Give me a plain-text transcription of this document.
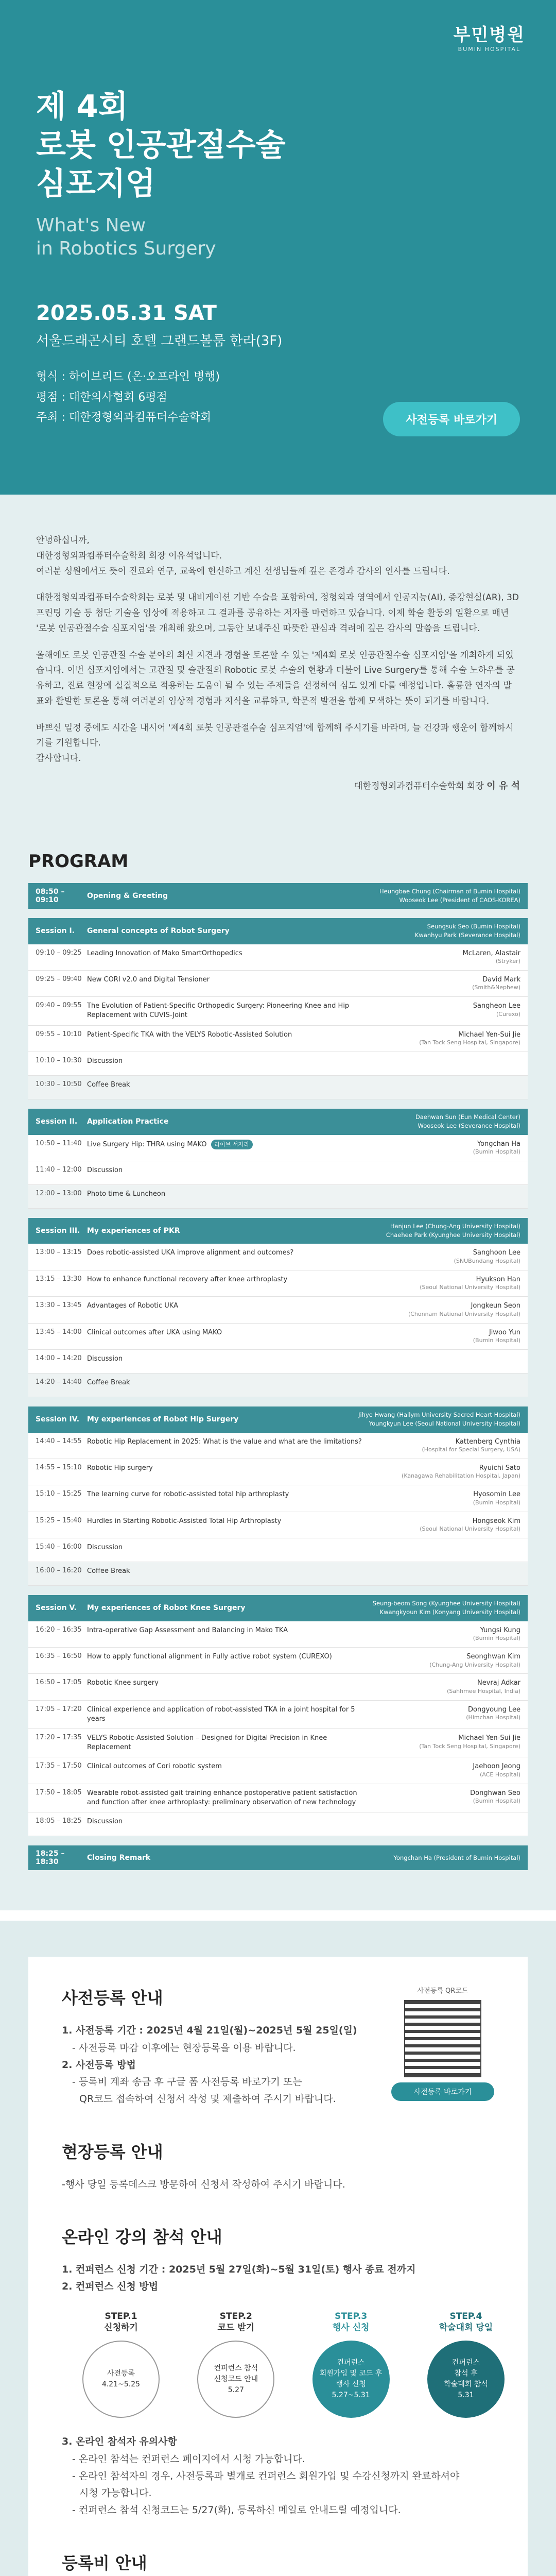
부민병원
BUMIN HOSPITAL
제 4회
로봇 인공관절수술
심포지엄
What's New
in Robotics Surgery
2025.05.31 SAT
서울드래곤시티 호텔 그랜드볼룸 한라(3F)
형식 : 하이브리드 (온·오프라인 병행)
평점 : 대한의사협회 6평점
주최 : 대한정형외과컴퓨터수술학회	사전등록 바로가기

안녕하십니까,
대한정형외과컴퓨터수술학회 회장 이유석입니다.
여러분 성원에서도 뜻이 진료와 연구, 교육에 헌신하고 계신 선생님들께 깊은 존경과 감사의 인사를 드립니다.

대한정형외과컴퓨터수술학회는 로봇 및 내비게이션 기반 수술을 포함하여, 정형외과 영역에서 인공지능(AI), 증강현실(AR), 3D 프린팅 기술 등 첨단 기술을 임상에 적용하고 그 결과를 공유하는 저자를 마련하고 있습니다. 이제 학술 활동의 일환으로 매년 '로봇 인공관절수술 심포지엄'을 개최해 왔으며, 그동안 보내주신 따뜻한 관심과 격려에 깊은 감사의 말씀을 드립니다.

올해에도 로봇 인공관절 수술 분야의 최신 지견과 경험을 토론할 수 있는 '제4회 로봇 인공관절수술 심포지엄'을 개최하게 되었습니다. 이번 심포지엄에서는 고관절 및 슬관절의 Robotic 로봇 수술의 현황과 더불어 Live Surgery를 통해 수술 노하우를 공유하고, 진료 현장에 실질적으로 적용하는 도움이 될 수 있는 주제들을 선정하여 심도 있게 다룰 예정입니다. 훌륭한 연자의 발표와 활발한 토론을 통해 여러분의 임상적 경험과 지식을 교류하고, 학문적 발전을 함께 모색하는 뜻이 되기를 바랍니다.

바쁘신 일정 중에도 시간을 내시어 '제4회 로봇 인공관절수술 심포지엄'에 함께해 주시기를 바라며, 늘 건강과 행운이 함께하시기를 기원합니다.
감사합니다.

대한정형외과컴퓨터수술학회 회장 이 유 석
PROGRAM
08:50 – 09:10	Opening & Greeting
Heungbae Chung (Chairman of Bumin Hospital)
Wooseok Lee (President of CAOS-KOREA)
Session I.	General concepts of Robot Surgery
Seungsuk Seo (Bumin Hospital)
Kwanhyu Park (Severance Hospital)
09:10 – 09:25 Leading Innovation of Mako SmartOrthopedics	McLaren, Alastair
(Stryker)
09:25 – 09:40 New CORI v2.0 and Digital Tensioner	David Mark
(Smith&Nephew)
09:40 – 09:55 The Evolution of Patient-Specific Orthopedic Surgery: Pioneering Knee and Hip Replacement with CUVIS-Joint
Sangheon Lee
(Curexo)
09:55 – 10:10 Patient-Specific TKA with the VELYS Robotic-Assisted Solution	Michael Yen-Sui Jie
(Tan Tock Seng Hospital, Singapore)
10:10 – 10:30 Discussion
10:30 – 10:50 Coffee Break
Session II.	Application Practice
Daehwan Sun (Eun Medical Center)
Wooseok Lee (Severance Hospital)
10:50 – 11:40 Live Surgery Hip: THRA using MAKO 라이브 서저리	Yongchan Ha
(Bumin Hospital)
11:40 – 12:00 Discussion
12:00 – 13:00 Photo time & Luncheon
Session III. My experiences of PKR
Hanjun Lee (Chung-Ang University Hospital)
Chaehee Park (Kyunghee University Hospital)
13:00 – 13:15 Does robotic-assisted UKA improve alignment and outcomes?	Sanghoon Lee
(SNUBundang Hospital)
13:15 – 13:30 How to enhance functional recovery after knee arthroplasty	Hyukson Han
(Seoul National University Hospital)
13:30 – 13:45 Advantages of Robotic UKA	Jongkeun Seon
(Chonnam National University Hospital)
13:45 – 14:00 Clinical outcomes after UKA using MAKO	Jiwoo Yun
(Bumin Hospital)
14:00 – 14:20 Discussion
14:20 – 14:40 Coffee Break
Session IV.	My experiences of Robot Hip Surgery
Jihye Hwang (Hallym University Sacred Heart Hospital)
Youngkyun Lee (Seoul National University Hospital)
14:40 – 14:55 Robotic Hip Replacement in 2025: What is the value and what are the limitations?	Kattenberg Cynthia
(Hospital for Special Surgery, USA)
14:55 – 15:10 Robotic Hip surgery	Ryuichi Sato
(Kanagawa Rehabilitation Hospital, Japan)
15:10 – 15:25 The learning curve for robotic-assisted total hip arthroplasty	Hyosomin Lee
(Bumin Hospital)
15:25 – 15:40 Hurdles in Starting Robotic-Assisted Total Hip Arthroplasty	Hongseok Kim
(Seoul National University Hospital)
15:40 – 16:00 Discussion
16:00 – 16:20 Coffee Break
Session V.	My experiences of Robot Knee Surgery
Seung-beom Song (Kyunghee University Hospital)
Kwangkyoun Kim (Konyang University Hospital)
16:20 – 16:35 Intra-operative Gap Assessment and Balancing in Mako TKA	Yungsi Kung
(Bumin Hospital)
16:35 – 16:50 How to apply functional alignment in Fully active robot system (CUREXO)	Seonghwan Kim
(Chung-Ang University Hospital)
16:50 – 17:05 Robotic Knee surgery	Nevraj Adkar
(Sahhmee Hospital, India)
17:05 – 17:20 Clinical experience and application of robot-assisted TKA in a joint hospital for 5 years
Dongyoung Lee
(Himchan Hospital)
17:20 – 17:35 VELYS Robotic-Assisted Solution – Designed for Digital Precision in Knee Replacement
Michael Yen-Sui Jie
(Tan Tock Seng Hospital, Singapore)
17:35 – 17:50 Clinical outcomes of Cori robotic system	Jaehoon Jeong
(ACE Hospital)
17:50 – 18:05 Wearable robot-assisted gait training enhance postoperative patient satisfaction and function after knee arthroplasty: preliminary observation of new technology
Donghwan Seo
(Bumin Hospital)
18:05 – 18:25 Discussion
18:25 – 18:30	Closing Remark	Yongchan Ha (President of Bumin Hospital)
사전등록 QR코드
사전등록 바로가기
사전등록 안내

1. 사전등록 기간 : 2025년 4월 21일(월)~2025년 5월 25일(일)

- 사전등록 마감 이후에는 현장등록을 이용 바랍니다.

2. 사전등록 방법

- 등록비 계좌 송금 후 구글 폼 사전등록 바로가기 또는

QR코드 접속하여 신청서 작성 및 제출하여 주시기 바랍니다.

현장등록 안내

-행사 당일 등록데스크 방문하여 신청서 작성하여 주시기 바랍니다.

온라인 강의 참석 안내

1. 컨퍼런스 신청 기간 : 2025년 5월 27일(화)~5월 31일(토) 행사 종료 전까지

2. 컨퍼런스 신청 방법

STEP.1
신청하기
사전등록
4.21~5.25
STEP.2
코드 받기
컨퍼런스 참석
신청코드 안내
5.27
STEP.3
행사 신청
컨퍼런스
회원가입 및 코드 후
행사 신청
5.27~5.31
STEP.4
학술대회 당일
컨퍼런스
참석 후
학술대회 참석
5.31

3. 온라인 참석자 유의사항

- 온라인 참석는 컨퍼런스 페이지에서 시청 가능합니다.

- 온라인 참석자의 경우, 사전등록과 별개로 컨퍼런스 회원가입 및 수강신청까지 완료하셔야

시청 가능합니다.

- 컨퍼런스 참석 신청코드는 5/27(화), 등록하신 메일로 안내드릴 예정입니다.

등록비 안내
